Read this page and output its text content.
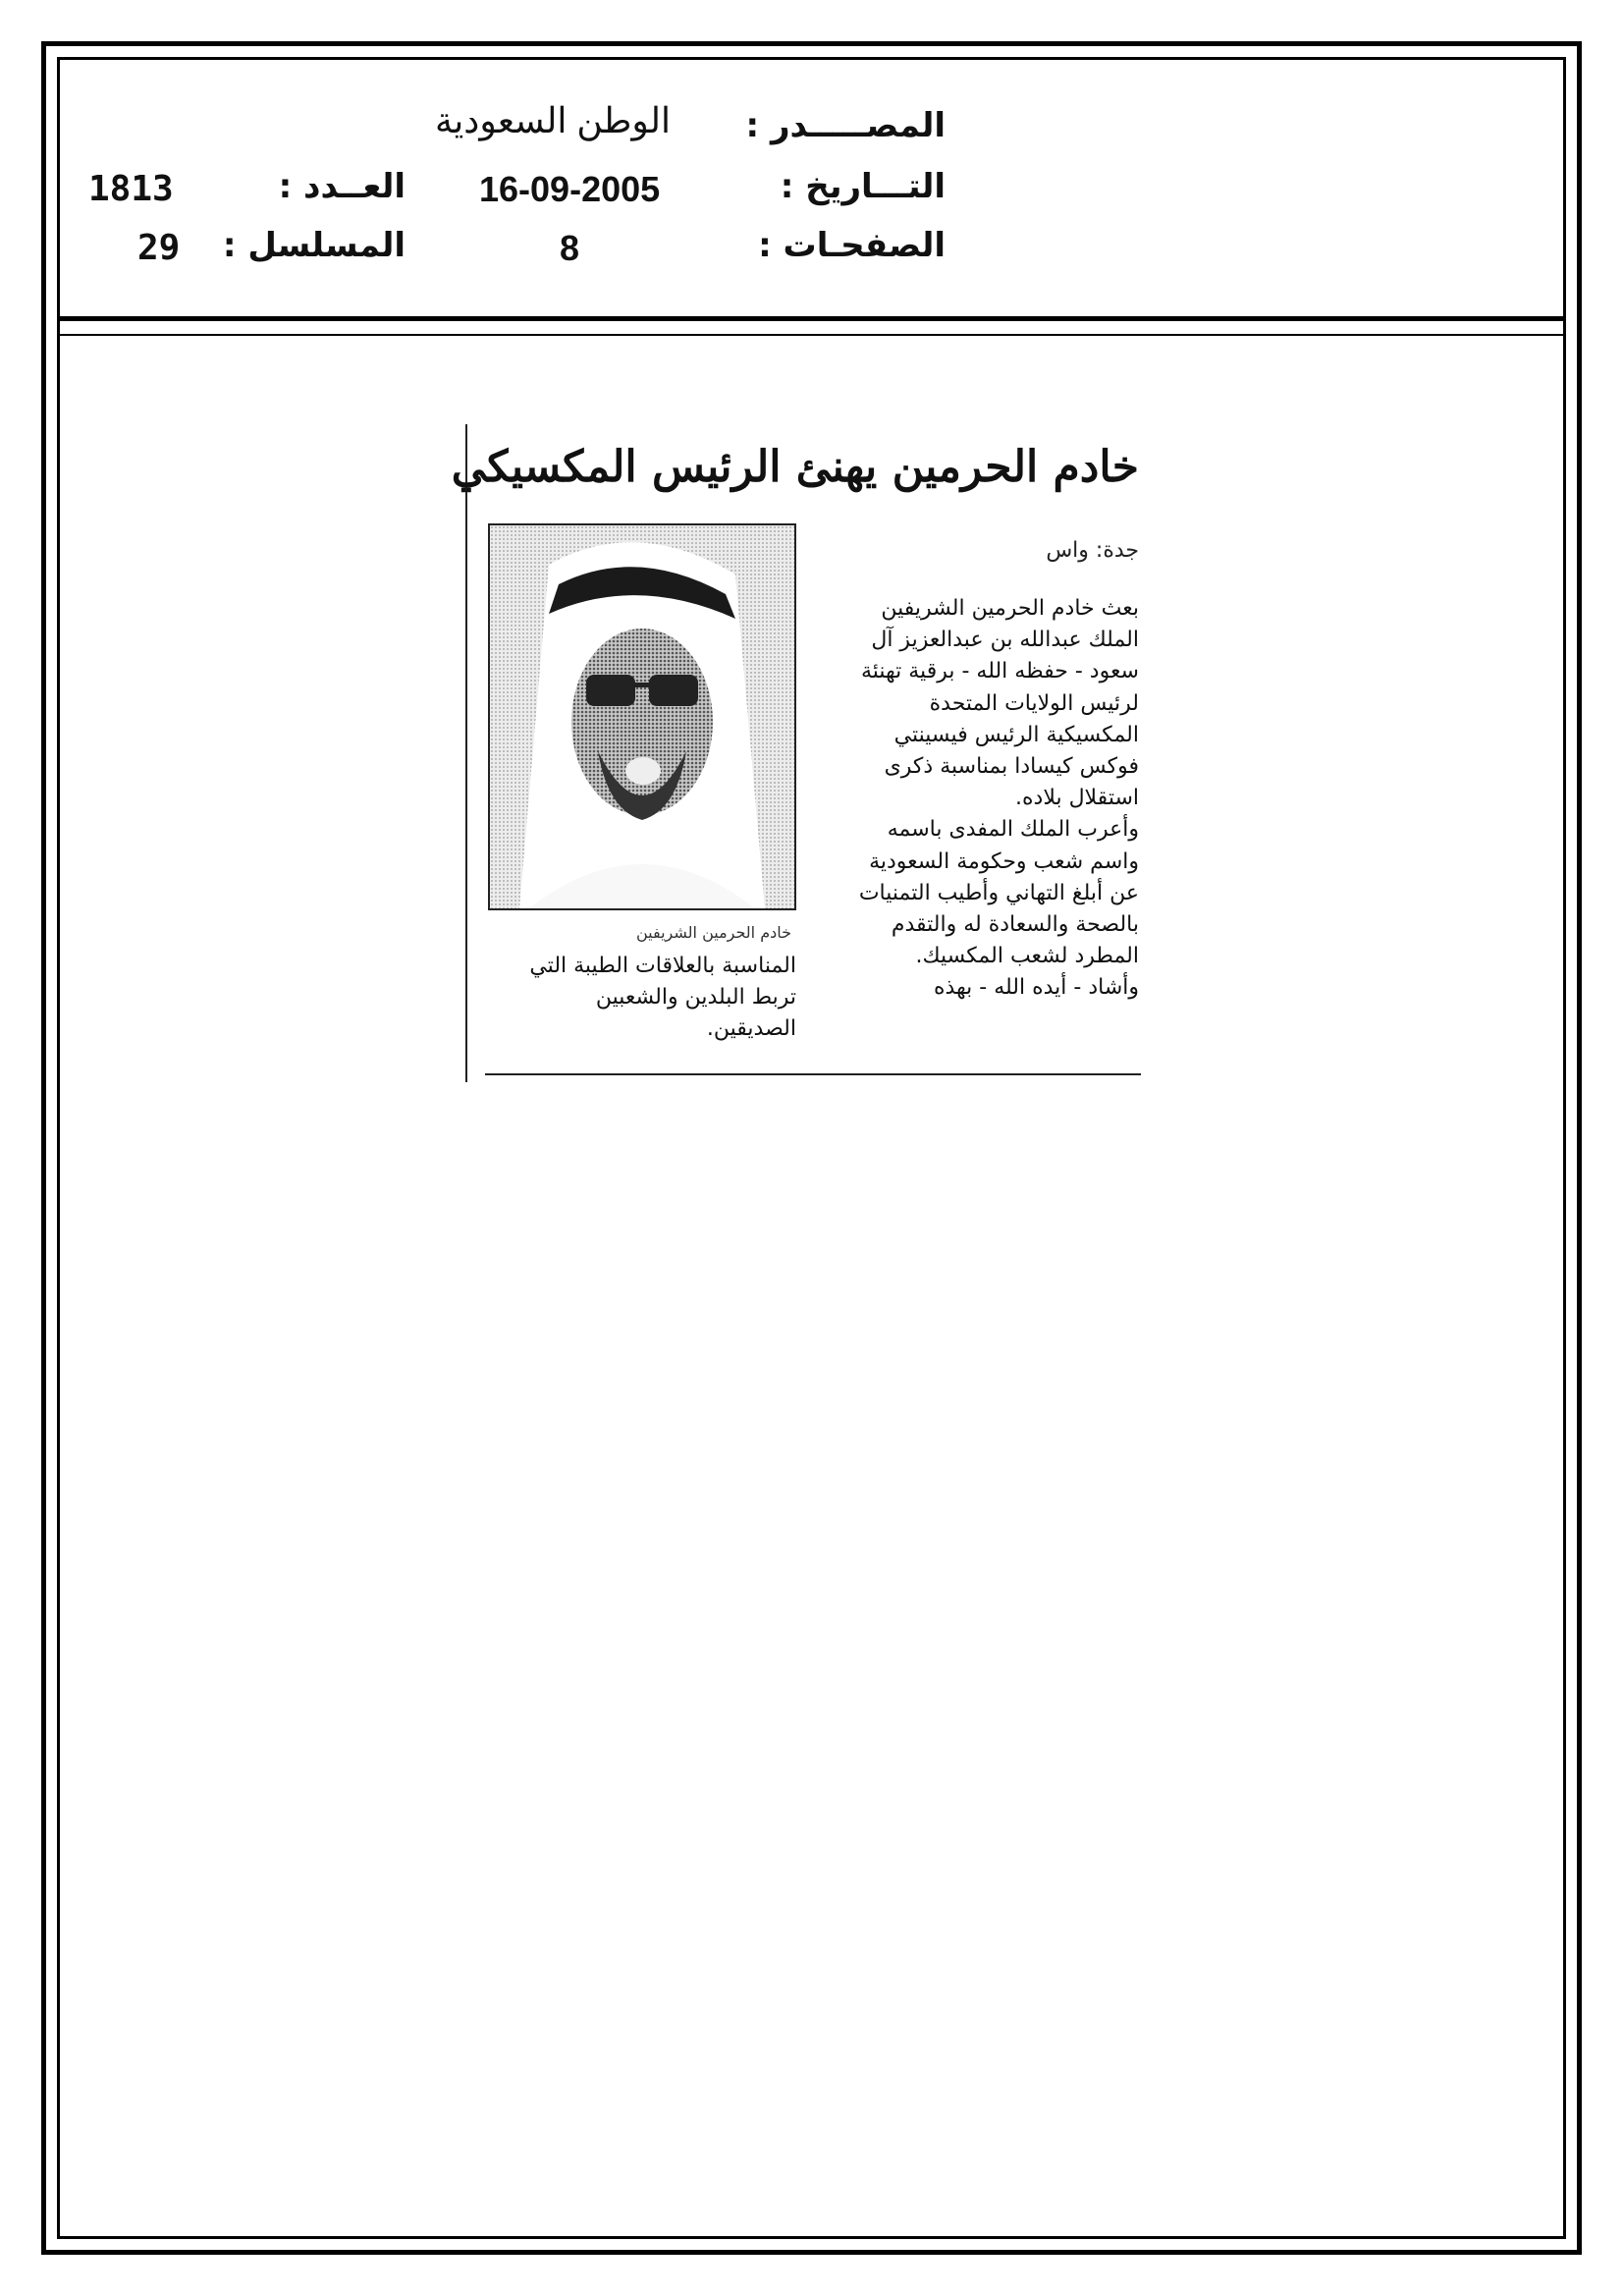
المصـــــدر :
الوطن السعودية
التـــاريخ :
16-09-2005
الصفحـات :
8
العــدد :
1813
المسلسل :
29
خادم الحرمين يهنئ الرئيس المكسيكي
جدة: واس
خادم الحرمين الشريفين
بعث خادم الحرمين الشريفين
الملك عبدالله بن عبدالعزيز آل
سعود - حفظه الله - برقية تهنئة
لرئيس الولايات المتحدة
المكسيكية الرئيس فيسينتي
فوكس كيسادا بمناسبة ذكرى
استقلال بلاده.
وأعرب الملك المفدى باسمه
واسم شعب وحكومة السعودية
عن أبلغ التهاني وأطيب التمنيات
بالصحة والسعادة له والتقدم
المطرد لشعب المكسيك.
وأشاد - أيده الله - بهذه
المناسبة بالعلاقات الطيبة التي
تربط البلدين والشعبين
الصديقين.
